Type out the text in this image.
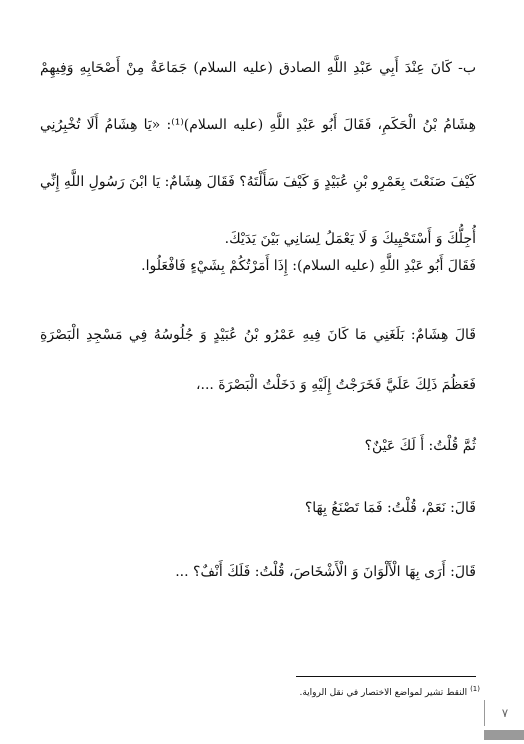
ب- كَانَ عِنْدَ أَبِي عَبْدِ اللَّهِ الصادق (عليه السلام) جَمَاعَةٌ مِنْ أَصْحَابِهِ وَفِيهِمْ هِشَامُ بْنُ الْحَكَمِ، فَقَالَ أَبُو عَبْدِ اللَّهِ (عليه السلام)⁽¹⁾: «يَا هِشَامُ أَلَا تُخْبِرُنِي كَيْفَ صَنَعْتَ بِعَمْرِو بْنِ عُبَيْدٍ وَ كَيْفَ سَأَلْتَهُ؟ فَقَالَ هِشَامٌ: يَا ابْنَ رَسُولِ اللَّهِ إِنِّي أُجِلُّكَ وَ أَسْتَحْيِيكَ وَ لَا يَعْمَلُ لِسَانِي بَيْنَ يَدَيْكَ.

فَقَالَ أَبُو عَبْدِ اللَّهِ (عليه السلام): إِذَا أَمَرْتُكُمْ بِشَيْءٍ فَافْعَلُوا.

قَالَ هِشَامٌ: بَلَغَنِي مَا كَانَ فِيهِ عَمْرُو بْنُ عُبَيْدٍ وَ جُلُوسُهُ فِي مَسْجِدِ الْبَصْرَةِ فَعَظُمَ ذَلِكَ عَلَيَّ فَخَرَجْتُ إِلَيْهِ وَ دَخَلْتُ الْبَصْرَةَ ...،

ثُمَّ قُلْتُ: أَ لَكَ عَيْنٌ؟

قَالَ: نَعَمْ، قُلْتُ: فَمَا تَصْنَعُ بِهَا؟

قَالَ: أَرَى بِهَا الْأَلْوَانَ وَ الْأَشْخَاصَ، قُلْتُ: فَلَكَ أَنْفٌ؟ ...

$^{(1)}$ النقط تشير لمواضع الاختصار في نقل الرواية.
٧
